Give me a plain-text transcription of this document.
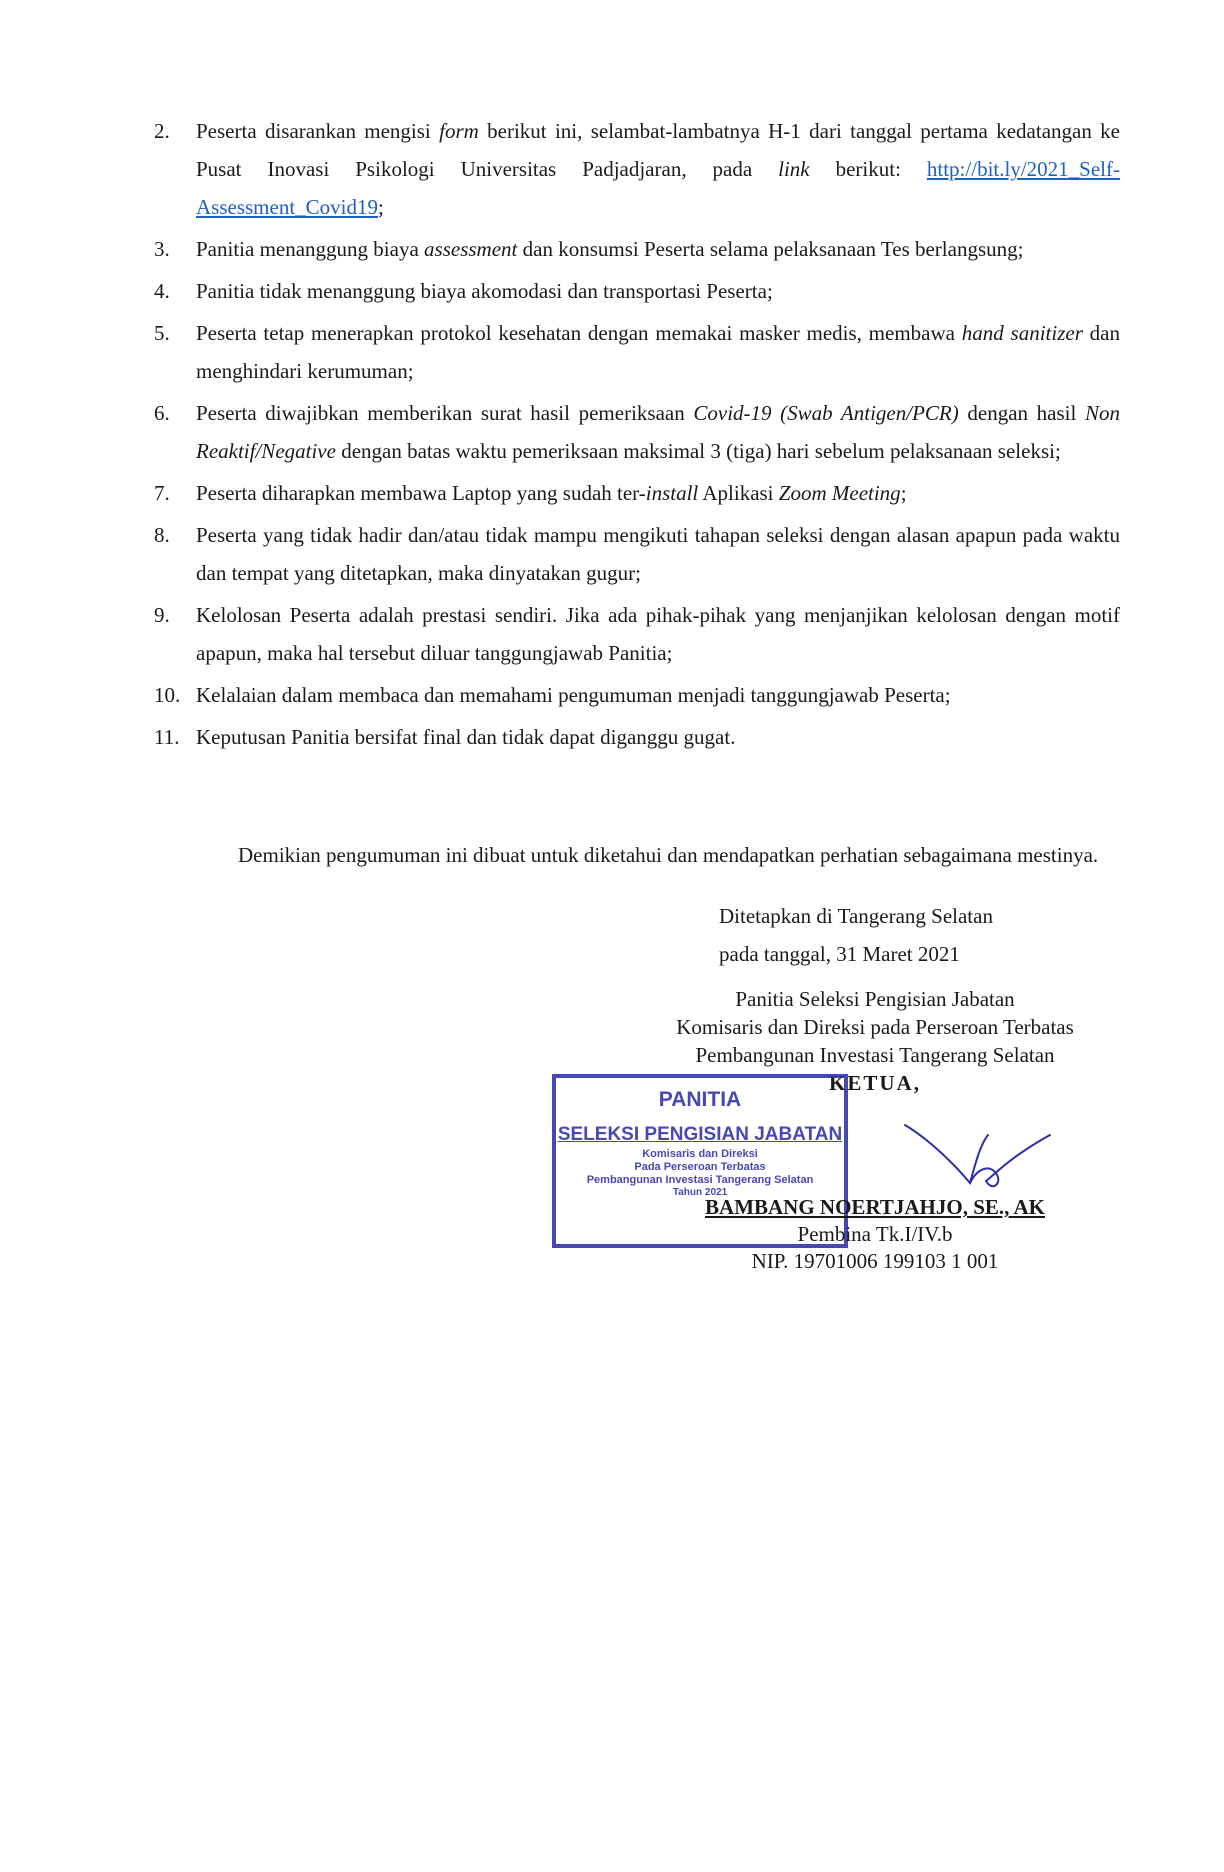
2. Peserta disarankan mengisi form berikut ini, selambat-lambatnya H-1 dari tanggal pertama kedatangan ke Pusat Inovasi Psikologi Universitas Padjadjaran, pada link berikut: http://bit.ly/2021_Self-Assessment_Covid19;
3. Panitia menanggung biaya assessment dan konsumsi Peserta selama pelaksanaan Tes berlangsung;
4. Panitia tidak menanggung biaya akomodasi dan transportasi Peserta;
5. Peserta tetap menerapkan protokol kesehatan dengan memakai masker medis, membawa hand sanitizer dan menghindari kerumuman;
6. Peserta diwajibkan memberikan surat hasil pemeriksaan Covid-19 (Swab Antigen/PCR) dengan hasil Non Reaktif/Negative dengan batas waktu pemeriksaan maksimal 3 (tiga) hari sebelum pelaksanaan seleksi;
7. Peserta diharapkan membawa Laptop yang sudah ter-install Aplikasi Zoom Meeting;
8. Peserta yang tidak hadir dan/atau tidak mampu mengikuti tahapan seleksi dengan alasan apapun pada waktu dan tempat yang ditetapkan, maka dinyatakan gugur;
9. Kelolosan Peserta adalah prestasi sendiri. Jika ada pihak-pihak yang menjanjikan kelolosan dengan motif apapun, maka hal tersebut diluar tanggungjawab Panitia;
10. Kelalaian dalam membaca dan memahami pengumuman menjadi tanggungjawab Peserta;
11. Keputusan Panitia bersifat final dan tidak dapat diganggu gugat.

Demikian pengumuman ini dibuat untuk diketahui dan mendapatkan perhatian sebagaimana mestinya.

Ditetapkan di Tangerang Selatan
pada tanggal, 31 Maret 2021
Panitia Seleksi Pengisian Jabatan
Komisaris dan Direksi pada Perseroan Terbatas
Pembangunan Investasi Tangerang Selatan
KETUA,
PANITIA
SELEKSI PENGISIAN JABATAN
Komisaris dan Direksi
Pada Perseroan Terbatas
Pembangunan Investasi Tangerang Selatan
Tahun 2021
BAMBANG NOERTJAHJO, SE., AK
Pembina Tk.I/IV.b
NIP. 19701006 199103 1 001
